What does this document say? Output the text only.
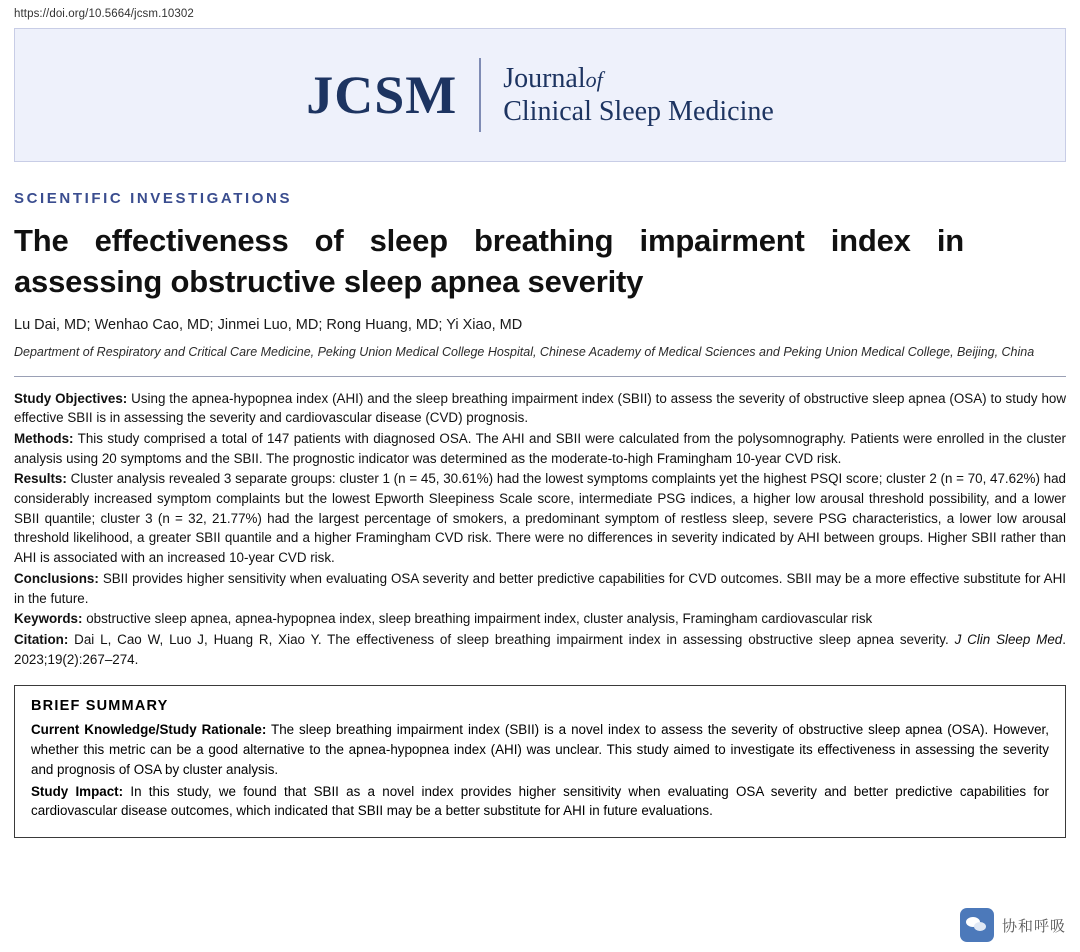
https://doi.org/10.5664/jcsm.10302
JCSM Journalof
Clinical Sleep Medicine
SCIENTIFIC INVESTIGATIONS
The effectiveness of sleep breathing impairment index in assessing obstructive sleep apnea severity
Lu Dai, MD; Wenhao Cao, MD; Jinmei Luo, MD; Rong Huang, MD; Yi Xiao, MD
Department of Respiratory and Critical Care Medicine, Peking Union Medical College Hospital, Chinese Academy of Medical Sciences and Peking Union Medical College, Beijing, China

Study Objectives: Using the apnea-hypopnea index (AHI) and the sleep breathing impairment index (SBII) to assess the severity of obstructive sleep apnea (OSA) to study how effective SBII is in assessing the severity and cardiovascular disease (CVD) prognosis.

Methods: This study comprised a total of 147 patients with diagnosed OSA. The AHI and SBII were calculated from the polysomnography. Patients were enrolled in the cluster analysis using 20 symptoms and the SBII. The prognostic indicator was determined as the moderate-to-high Framingham 10-year CVD risk.

Results: Cluster analysis revealed 3 separate groups: cluster 1 (n = 45, 30.61%) had the lowest symptoms complaints yet the highest PSQI score; cluster 2 (n = 70, 47.62%) had considerably increased symptom complaints but the lowest Epworth Sleepiness Scale score, intermediate PSG indices, a higher low arousal threshold possibility, and a lower SBII quantile; cluster 3 (n = 32, 21.77%) had the largest percentage of smokers, a predominant symptom of restless sleep, severe PSG characteristics, a lower low arousal threshold likelihood, a greater SBII quantile and a higher Framingham CVD risk. There were no differences in severity indicated by AHI between groups. Higher SBII rather than AHI is associated with an increased 10-year CVD risk.

Conclusions: SBII provides higher sensitivity when evaluating OSA severity and better predictive capabilities for CVD outcomes. SBII may be a more effective substitute for AHI in the future.

Keywords: obstructive sleep apnea, apnea-hypopnea index, sleep breathing impairment index, cluster analysis, Framingham cardiovascular risk

Citation: Dai L, Cao W, Luo J, Huang R, Xiao Y. The effectiveness of sleep breathing impairment index in assessing obstructive sleep apnea severity. J Clin Sleep Med. 2023;19(2):267–274.

BRIEF SUMMARY

Current Knowledge/Study Rationale: The sleep breathing impairment index (SBII) is a novel index to assess the severity of obstructive sleep apnea (OSA). However, whether this metric can be a good alternative to the apnea-hypopnea index (AHI) was unclear. This study aimed to investigate its effectiveness in assessing the severity and prognosis of OSA by cluster analysis.

Study Impact: In this study, we found that SBII as a novel index provides higher sensitivity when evaluating OSA severity and better predictive capabilities for cardiovascular disease outcomes, which indicated that SBII may be a better substitute for AHI in future evaluations.

协和呼吸
